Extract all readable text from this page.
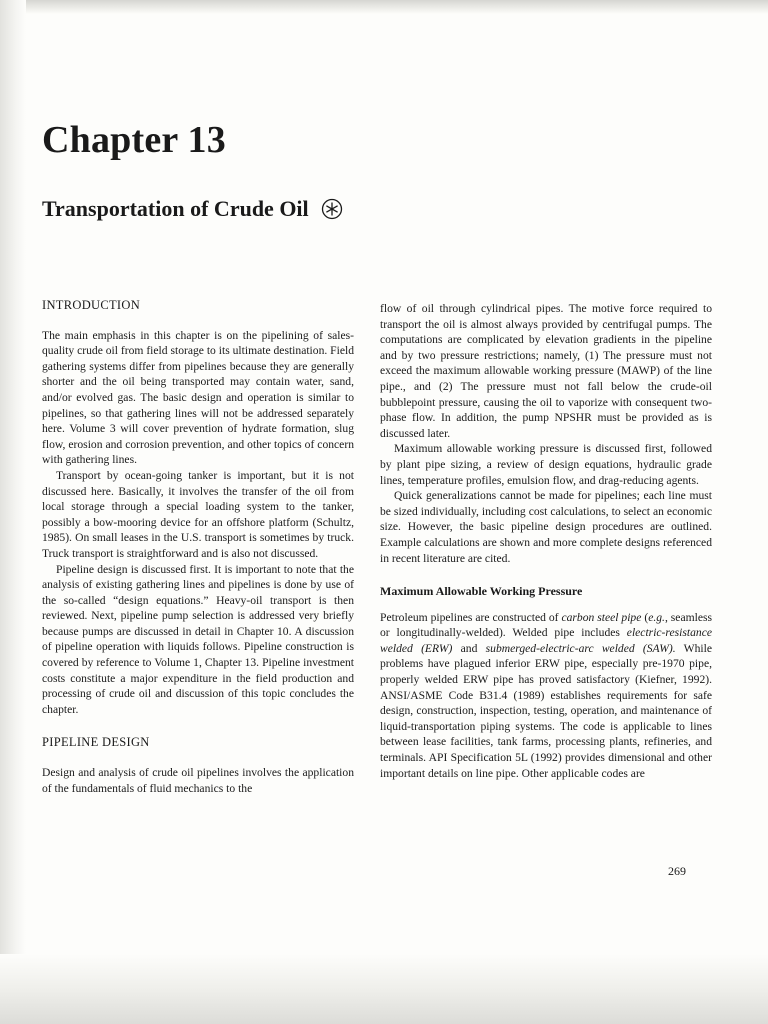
Chapter 13
Transportation of Crude Oil
INTRODUCTION

The main emphasis in this chapter is on the pipelining of sales-quality crude oil from field storage to its ultimate destination. Field gathering systems differ from pipelines because they are generally shorter and the oil being transported may contain water, sand, and/or evolved gas. The basic design and operation is similar to pipelines, so that gathering lines will not be addressed separately here. Volume 3 will cover prevention of hydrate formation, slug flow, erosion and corrosion prevention, and other topics of concern with gathering lines.

Transport by ocean-going tanker is important, but it is not discussed here. Basically, it involves the transfer of the oil from local storage through a special loading system to the tanker, possibly a bow-mooring device for an offshore platform (Schultz, 1985). On small leases in the U.S. transport is sometimes by truck. Truck transport is straightforward and is also not discussed.

Pipeline design is discussed first. It is important to note that the analysis of existing gathering lines and pipelines is done by use of the so-called “design equations.” Heavy-oil transport is then reviewed. Next, pipeline pump selection is addressed very briefly because pumps are discussed in detail in Chapter 10. A discussion of pipeline operation with liquids follows. Pipeline construction is covered by reference to Volume 1, Chapter 13. Pipeline investment costs constitute a major expenditure in the field production and processing of crude oil and discussion of this topic concludes the chapter.

PIPELINE DESIGN

Design and analysis of crude oil pipelines involves the application of the fundamentals of fluid mechanics to the

flow of oil through cylindrical pipes. The motive force required to transport the oil is almost always provided by centrifugal pumps. The computations are complicated by elevation gradients in the pipeline and by two pressure restrictions; namely, (1) The pressure must not exceed the maximum allowable working pressure (MAWP) of the line pipe., and (2) The pressure must not fall below the crude-oil bubblepoint pressure, causing the oil to vaporize with consequent two-phase flow. In addition, the pump NPSHR must be provided as is discussed later.

Maximum allowable working pressure is discussed first, followed by plant pipe sizing, a review of design equations, hydraulic grade lines, temperature profiles, emulsion flow, and drag-reducing agents.

Quick generalizations cannot be made for pipelines; each line must be sized individually, including cost calculations, to select an economic size. However, the basic pipeline design procedures are outlined. Example calculations are shown and more complete designs referenced in recent literature are cited.

Maximum Allowable Working Pressure

Petroleum pipelines are constructed of carbon steel pipe (e.g., seamless or longitudinally-welded). Welded pipe includes electric-resistance welded (ERW) and submerged-electric-arc welded (SAW). While problems have plagued inferior ERW pipe, especially pre-1970 pipe, properly welded ERW pipe has proved satisfactory (Kiefner, 1992). ANSI/ASME Code B31.4 (1989) establishes requirements for safe design, construction, inspection, testing, operation, and maintenance of liquid-transportation piping systems. The code is applicable to lines between lease facilities, tank farms, processing plants, refineries, and terminals. API Specification 5L (1992) provides dimensional and other important details on line pipe. Other applicable codes are

269
